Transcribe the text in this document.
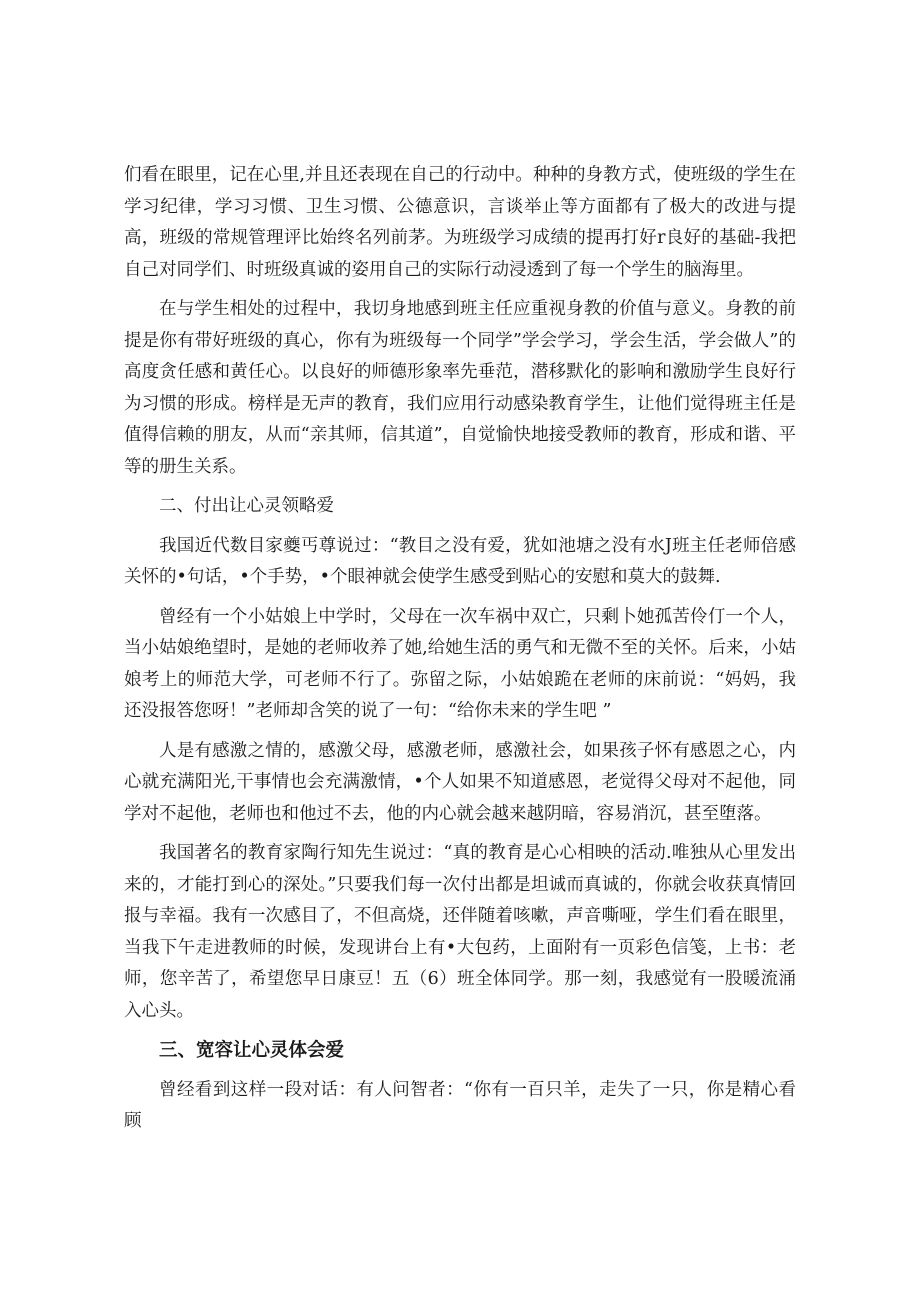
们看在眼里，记在心里,并且还表现在自己的行动中。种种的身教方式，使班级的学生在学习纪律，学习习惯、卫生习惯、公德意识，言谈举止等方面都有了极大的改进与提高，班级的常规管理评比始终名列前茅。为班级学习成绩的提再打好r良好的基础-我把自己对同学们、时班级真诚的姿用自己的实际行动浸透到了每一个学生的脑海里。

在与学生相处的过程中，我切身地感到班主任应重视身教的价值与意义。身教的前提是你有带好班级的真心，你有为班级每一个同学”学会学习，学会生活，学会做人”的高度贪任感和黄任心。以良好的师德形象率先垂范，潜移默化的影响和激励学生良好行为习惯的形成。榜样是无声的教育，我们应用行动感染教育学生，让他们觉得班主任是值得信赖的朋友，从而“亲其师，信其道”，自觉愉快地接受教师的教育，形成和谐、平等的册生关系。

二、付出让心灵领略爱

我国近代数目家夔丐尊说过：“教目之没有爱，犹如池塘之没有水J班主任老师倍感关怀的•句话，•个手势，•个眼神就会使学生感受到贴心的安慰和莫大的鼓舞.

曾经有一个小姑娘上中学时，父母在一次车祸中双亡，只剩卜她孤苦伶仃一个人，当小姑娘绝望时，是她的老师收养了她,给她生活的勇气和无微不至的关怀。后来，小姑娘考上的师范大学，可老师不行了。弥留之际，小姑娘跪在老师的床前说：“妈妈，我还没报答您呀！”老师却含笑的说了一句：“给你未来的学生吧 ”

人是有感激之情的，感激父母，感激老师，感激社会，如果孩子怀有感恩之心，内心就充满阳光,干事情也会充满激情，•个人如果不知道感恩，老觉得父母对不起他，同学对不起他，老师也和他过不去，他的内心就会越来越阴暗，容易消沉，甚至堕落。

我国著名的教育家陶行知先生说过：“真的教育是心心相映的活动.唯独从心里发出来的，才能打到心的深处。”只要我们每一次付出都是坦诚而真诚的，你就会收获真情回报与幸福。我有一次感目了，不但高烧，还伴随着咳嗽，声音嘶哑，学生们看在眼里，当我下午走进教师的时候，发现讲台上有•大包药，上面附有一页彩色信笺，上书：老师，您辛苦了，希望您早日康豆！五（6）班全体同学。那一刻，我感觉有一股暖流涌入心头。

三、宽容让心灵体会爱

曾经看到这样一段对话：有人问智者：“你有一百只羊，走失了一只，你是精心看顾
